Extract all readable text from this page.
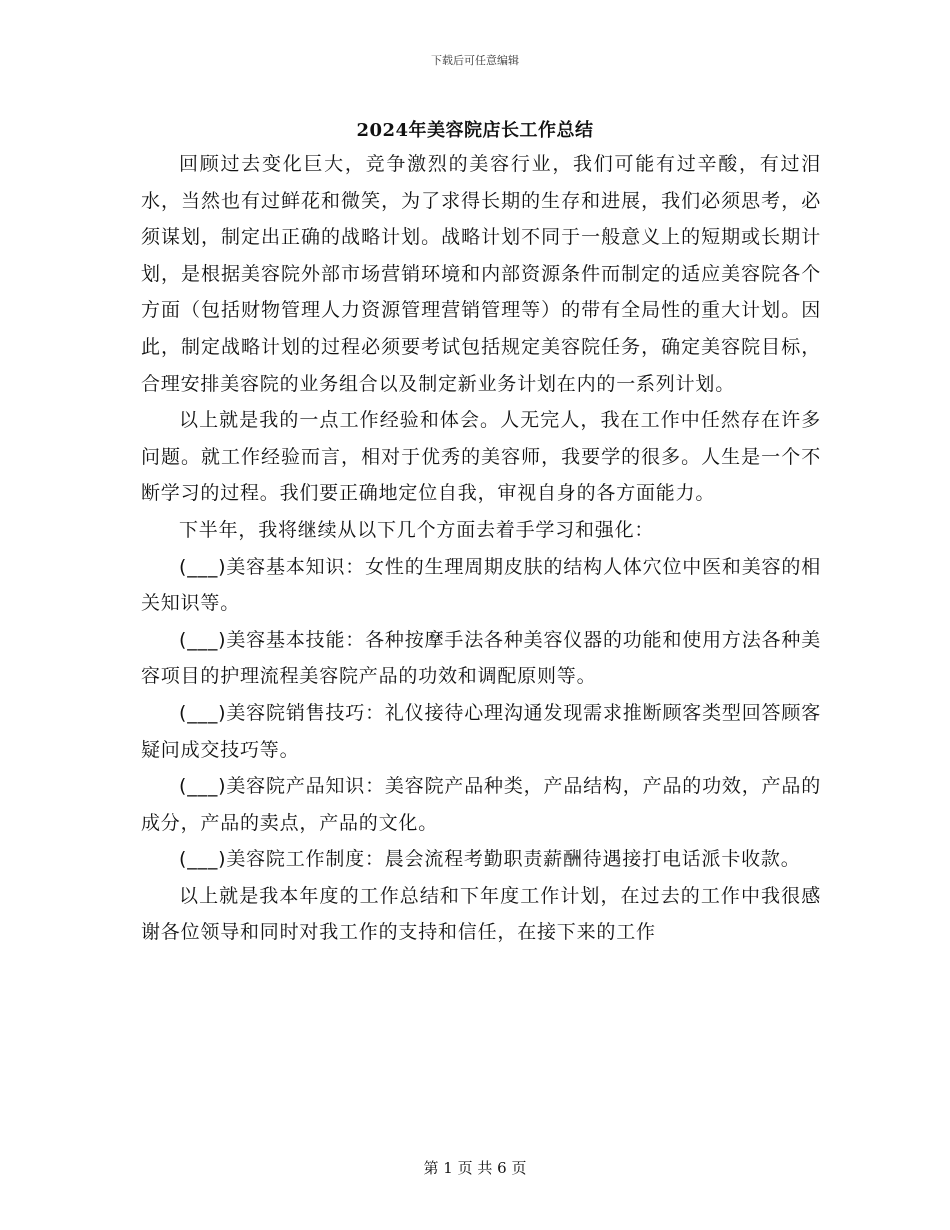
下载后可任意编辑
2024年美容院店长工作总结

回顾过去变化巨大，竞争激烈的美容行业，我们可能有过辛酸，有过泪水，当然也有过鲜花和微笑，为了求得长期的生存和进展，我们必须思考，必须谋划，制定出正确的战略计划。战略计划不同于一般意义上的短期或长期计划，是根据美容院外部市场营销环境和内部资源条件而制定的适应美容院各个方面（包括财物管理人力资源管理营销管理等）的带有全局性的重大计划。因此，制定战略计划的过程必须要考试包括规定美容院任务，确定美容院目标，合理安排美容院的业务组合以及制定新业务计划在内的一系列计划。

以上就是我的一点工作经验和体会。人无完人，我在工作中任然存在许多问题。就工作经验而言，相对于优秀的美容师，我要学的很多。人生是一个不断学习的过程。我们要正确地定位自我，审视自身的各方面能力。

下半年，我将继续从以下几个方面去着手学习和强化：

(___)美容基本知识：女性的生理周期皮肤的结构人体穴位中医和美容的相关知识等。

(___)美容基本技能：各种按摩手法各种美容仪器的功能和使用方法各种美容项目的护理流程美容院产品的功效和调配原则等。

(___)美容院销售技巧：礼仪接待心理沟通发现需求推断顾客类型回答顾客疑问成交技巧等。

(___)美容院产品知识：美容院产品种类，产品结构，产品的功效，产品的成分，产品的卖点，产品的文化。

(___)美容院工作制度：晨会流程考勤职责薪酬待遇接打电话派卡收款。

以上就是我本年度的工作总结和下年度工作计划，在过去的工作中我很感谢各位领导和同时对我工作的支持和信任，在接下来的工作

第 1 页 共 6 页
